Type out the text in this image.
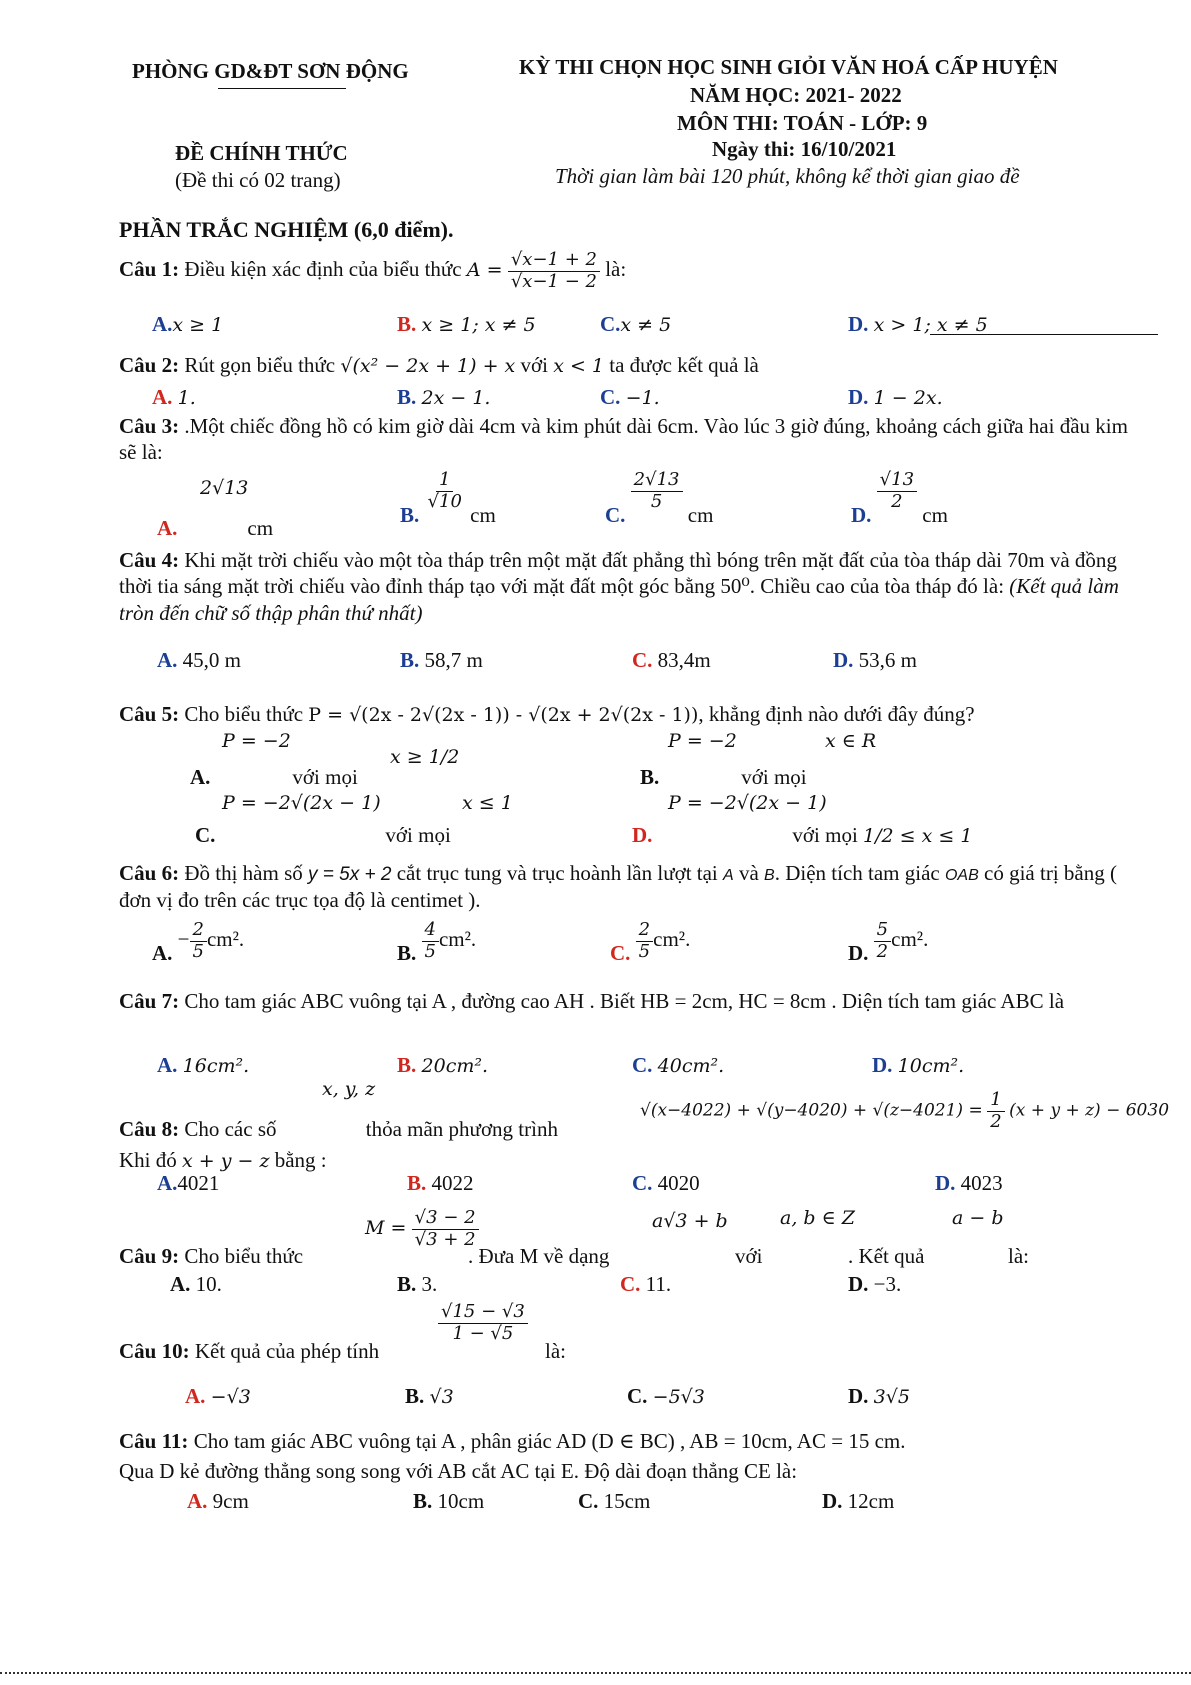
PHÒNG GD&ĐT SƠN ĐỘNG	KỲ THI CHỌN HỌC SINH GIỎI VĂN HOÁ CẤP HUYỆN
NĂM HỌC: 2021- 2022
MÔN THI: TOÁN - LỚP: 9
ĐỀ CHÍNH THỨC	Ngày thi: 16/10/2021
(Đề thi có 02 trang)	Thời gian làm bài 120 phút, không kể thời gian giao đề
PHẦN TRẮC NGHIỆM (6,0 điểm).
Câu 1: Điều kiện xác định của biểu thức $A = \frac{√x-1 + 2}{√x-1 - 2}$ là:
A.x ≥ 1	B. x ≥ 1; x ≠ 5	C.x ≠ 5	D. x > 1; x ≠ 5
Câu 2: Rút gọn biểu thức √(x² − 2x + 1) + x với x < 1 ta được kết quả là
A. 1.	B. 2x − 1.	C. −1.	D. 1 − 2x.
Câu 3: .Một chiếc đồng hồ có kim giờ dài 4cm và kim phút dài 6cm. Vào lúc 3 giờ đúng, khoảng cách giữa hai đầu kim sẽ là:
2√13
A.	cm
B.
$\frac{1}{√10}$
cm	C.
$\frac{2√13}{5}$
cm	D.
$\frac{√13}{2}$
cm
Câu 4: Khi mặt trời chiếu vào một tòa tháp trên một mặt đất phẳng thì bóng trên mặt đất của tòa tháp dài 70m và đồng thời tia sáng mặt trời chiếu vào đỉnh tháp tạo với mặt đất một góc bằng 50⁰. Chiều cao của tòa tháp đó là: (Kết quả làm tròn đến chữ số thập phân thứ nhất)
A. 45,0 m	B. 58,7 m	C. 83,4m	D. 53,6 m
Câu 5: Cho biểu thức P = √(2x - 2√(2x - 1)) - √(2x + 2√(2x - 1)), khẳng định nào dưới đây đúng?
P = −2
A.	với mọi
x ≥ 1/2
P = −2	x ∈ R
B.	với mọi
P = −2√(2x − 1)	x ≤ 1
C.	với mọi
P = −2√(2x − 1)
D.	với mọi 1/2 ≤ x ≤ 1
Câu 6: Đồ thị hàm số y = 5x + 2 cắt trục tung và trục hoành lần lượt tại A và B. Diện tích tam giác OAB có giá trị bằng ( đơn vị đo trên các trục tọa độ là centimet ).
A. − $\frac{2}{5} cm^2$.
B. $\frac{4}{5} cm^2$.
C. $\frac{2}{5} cm^2$.
D. $\frac{5}{2} cm^2$.
Câu 7: Cho tam giác ABC vuông tại A , đường cao AH . Biết HB = 2cm, HC = 8cm . Diện tích tam giác ABC là
A. 16cm².	B. 20cm².	C. 40cm².	D. 10cm².
x, y, z
Câu 8: Cho các số	thỏa mãn phương trình
$√(x-4022) + √(y-4020) + √(z-4021) = \frac{1}{2} (x + y + z) - 6030$
Khi đó x + y − z bằng :
A.4021	B. 4022	C. 4020	D. 4023
Câu 9: Cho biểu thức
$M = \frac{√3 - 2}{√3 + 2}$
. Đưa M về dạng
a√3 + b
với
a, b ∈ Z
. Kết quả
a − b
là:
A. 10.	B. 3.	C. 11.	D. −3.
Câu 10: Kết quả của phép tính
$\frac{√15 - √3}{1 - √5}$
là:
A. −√3	B. √3	C. −5√3	D. 3√5
Câu 11: Cho tam giác ABC vuông tại A , phân giác AD (D ∈ BC) , AB = 10cm, AC = 15 cm.
Qua D kẻ đường thẳng song song với AB cắt AC tại E. Độ dài đoạn thẳng CE là:
A. 9cm	B. 10cm	C. 15cm	D. 12cm
